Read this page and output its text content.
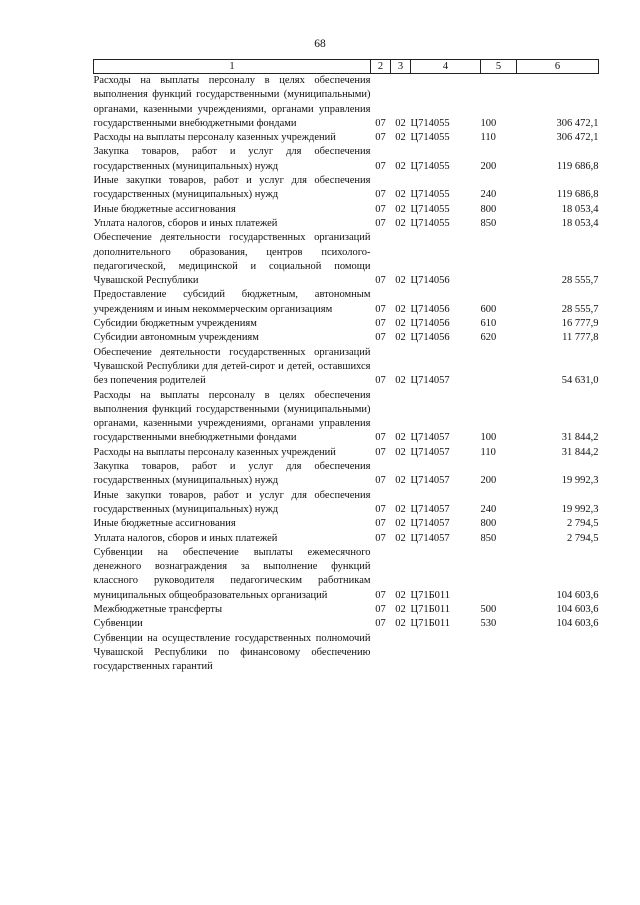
68
1	2	3	4	5	6
Расходы на выплаты персоналу в целях обеспечения выполнения функций государственными (муниципальными) органами, казенными учреждениями, органами управления государственными внебюджетными фондами	07	02	Ц714055	100	306 472,1
Расходы на выплаты персоналу казенных учреждений	07	02	Ц714055	110	306 472,1
Закупка товаров, работ и услуг для обеспечения государственных (муниципальных) нужд	07	02	Ц714055	200	119 686,8
Иные закупки товаров, работ и услуг для обеспечения государственных (муниципальных) нужд	07	02	Ц714055	240	119 686,8
Иные бюджетные ассигнования	07	02	Ц714055	800	18 053,4
Уплата налогов, сборов и иных платежей	07	02	Ц714055	850	18 053,4
Обеспечение деятельности государственных организаций дополнительного образования, центров психолого-педагогической, медицинской и социальной помощи Чувашской Республики	07	02	Ц714056		28 555,7
Предоставление субсидий бюджетным, автономным учреждениям и иным некоммерческим организациям	07	02	Ц714056	600	28 555,7
Субсидии бюджетным учреждениям	07	02	Ц714056	610	16 777,9
Субсидии автономным учреждениям	07	02	Ц714056	620	11 777,8
Обеспечение деятельности государственных организаций Чувашской Республики для детей-сирот и детей, оставшихся без попечения родителей	07	02	Ц714057		54 631,0
Расходы на выплаты персоналу в целях обеспечения выполнения функций государственными (муниципальными) органами, казенными учреждениями, органами управления государственными внебюджетными фондами	07	02	Ц714057	100	31 844,2
Расходы на выплаты персоналу казенных учреждений	07	02	Ц714057	110	31 844,2
Закупка товаров, работ и услуг для обеспечения государственных (муниципальных) нужд	07	02	Ц714057	200	19 992,3
Иные закупки товаров, работ и услуг для обеспечения государственных (муниципальных) нужд	07	02	Ц714057	240	19 992,3
Иные бюджетные ассигнования	07	02	Ц714057	800	2 794,5
Уплата налогов, сборов и иных платежей	07	02	Ц714057	850	2 794,5
Субвенции на обеспечение выплаты ежемесячного денежного вознаграждения за выполнение функций классного руководителя педагогическим работникам муниципальных общеобразовательных организаций	07	02	Ц71Б011		104 603,6
Межбюджетные трансферты	07	02	Ц71Б011	500	104 603,6
Субвенции	07	02	Ц71Б011	530	104 603,6
Субвенции на осуществление государственных полномочий Чувашской Республики по финансовому обеспечению государственных гарантий					
